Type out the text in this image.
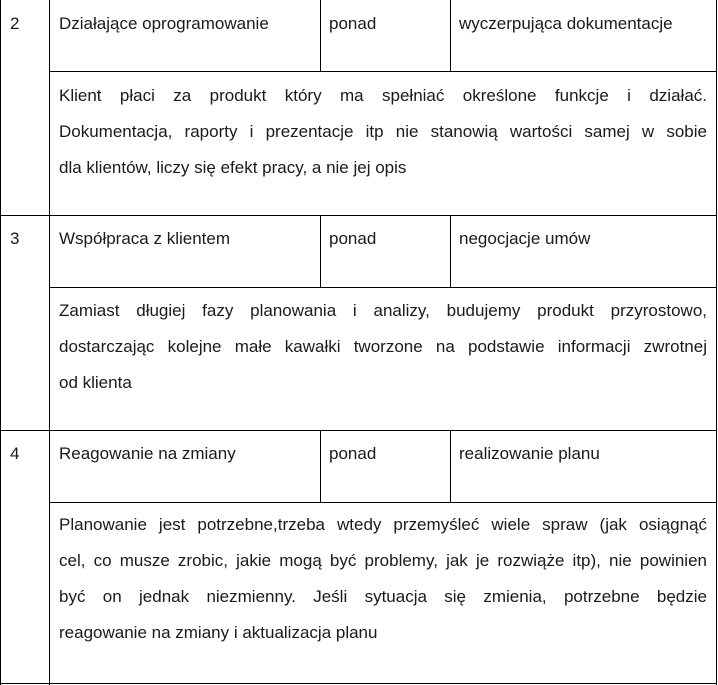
2 Działające oprogramowanie	ponad	wyczerpująca dokumentacje
Klient płaci za produkt który ma spełniać określone funkcje i działać.
Dokumentacja, raporty i prezentacje itp nie stanowią wartości samej w sobie
dla klientów, liczy się efekt pracy, a nie jej opis
3 Współpraca z klientem	ponad	negocjacje umów
Zamiast długiej fazy planowania i analizy, budujemy produkt przyrostowo,
dostarczając kolejne małe kawałki tworzone na podstawie informacji zwrotnej
od klienta
4 Reagowanie na zmiany	ponad	realizowanie planu
Planowanie jest potrzebne,trzeba wtedy przemyśleć wiele spraw (jak osiągnąć
cel, co musze zrobic, jakie mogą być problemy, jak je rozwiąże itp), nie powinien
być on jednak niezmienny. Jeśli sytuacja się zmienia, potrzebne będzie
reagowanie na zmiany i aktualizacja planu
